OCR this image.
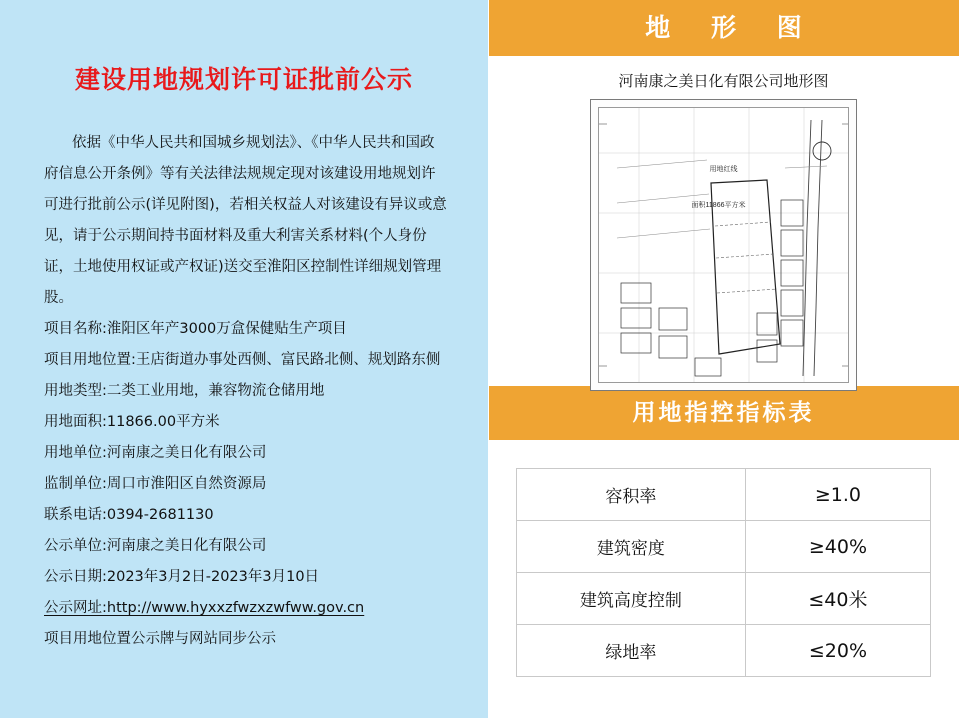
建设用地规划许可证批前公示

依据《中华人民共和国城乡规划法》、《中华人民共和国政府信息公开条例》等有关法律法规规定现对该建设用地规划许可进行批前公示(详见附图)，若相关权益人对该建设有异议或意见，请于公示期间持书面材料及重大利害关系材料(个人身份证，土地使用权证或产权证)送交至淮阳区控制性详细规划管理股。

项目名称:淮阳区年产3000万盒保健贴生产项目

项目用地位置:王店街道办事处西侧、富民路北侧、规划路东侧

用地类型:二类工业用地，兼容物流仓储用地

用地面积:11866.00平方米

用地单位:河南康之美日化有限公司

监制单位:周口市淮阳区自然资源局

联系电话:0394-2681130

公示单位:河南康之美日化有限公司

公示日期:2023年3月2日-2023年3月10日

公示网址:http://www.hyxxzfwzxzwfww.gov.cn

项目用地位置公示牌与网站同步公示

地 形 图
河南康之美日化有限公司地形图
用地红线
面积11866平方米
用地指控指标表
容积率	≥1.0
建筑密度	≥40%
建筑高度控制	≤40米
绿地率	≤20%
